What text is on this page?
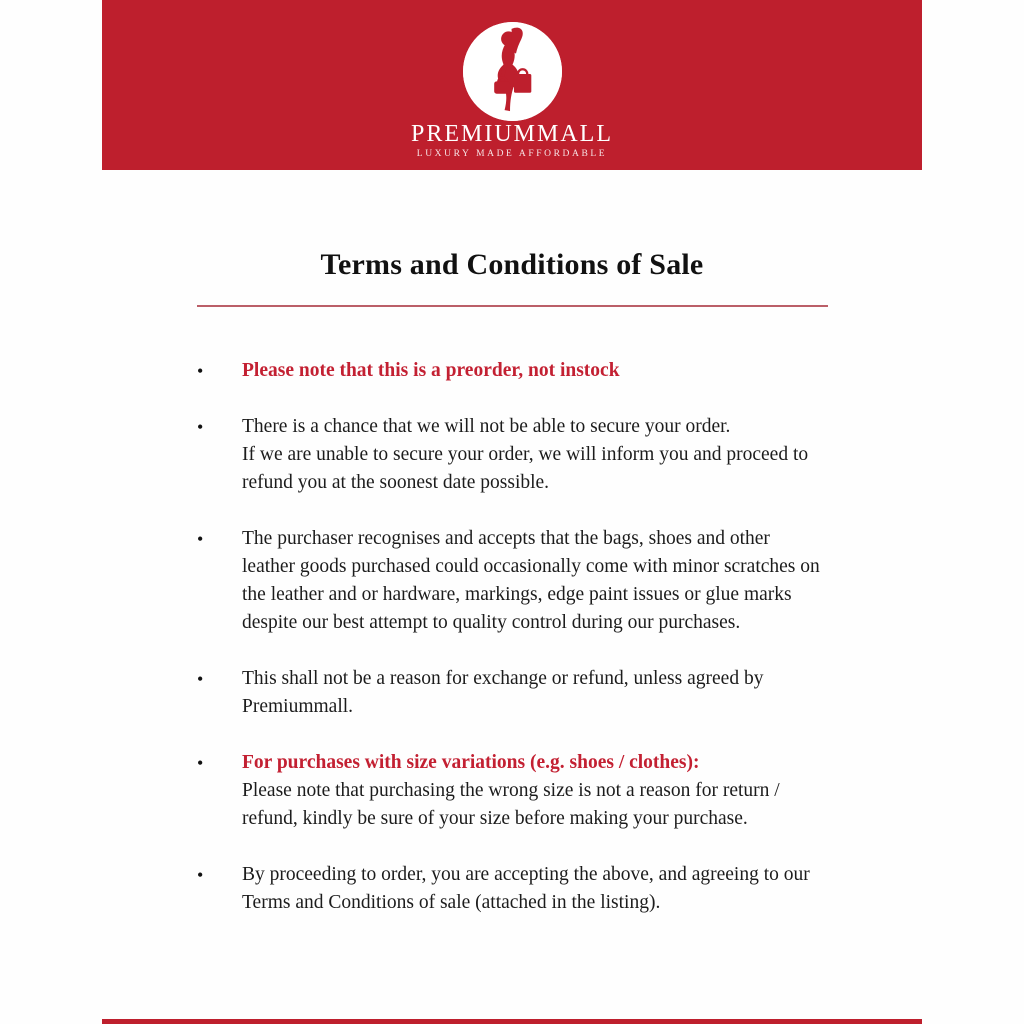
PREMIUMMALL
LUXURY MADE AFFORDABLE
Terms and Conditions of Sale
•	Please note that this is a preorder, not instock
•	There is a chance that we will not be able to secure your order.
If we are unable to secure your order, we will inform you and proceed to
refund you at the soonest date possible.
•	The purchaser recognises and accepts that the bags, shoes and other
leather goods purchased could occasionally come with minor scratches on
the leather and or hardware, markings, edge paint issues or glue marks
despite our best attempt to quality control during our purchases.
•	This shall not be a reason for exchange or refund, unless agreed by
Premiummall.
•	For purchases with size variations (e.g. shoes / clothes):
Please note that purchasing the wrong size is not a reason for return /
refund, kindly be sure of your size before making your purchase.
•	By proceeding to order, you are accepting the above, and agreeing to our
Terms and Conditions of sale (attached in the listing).
